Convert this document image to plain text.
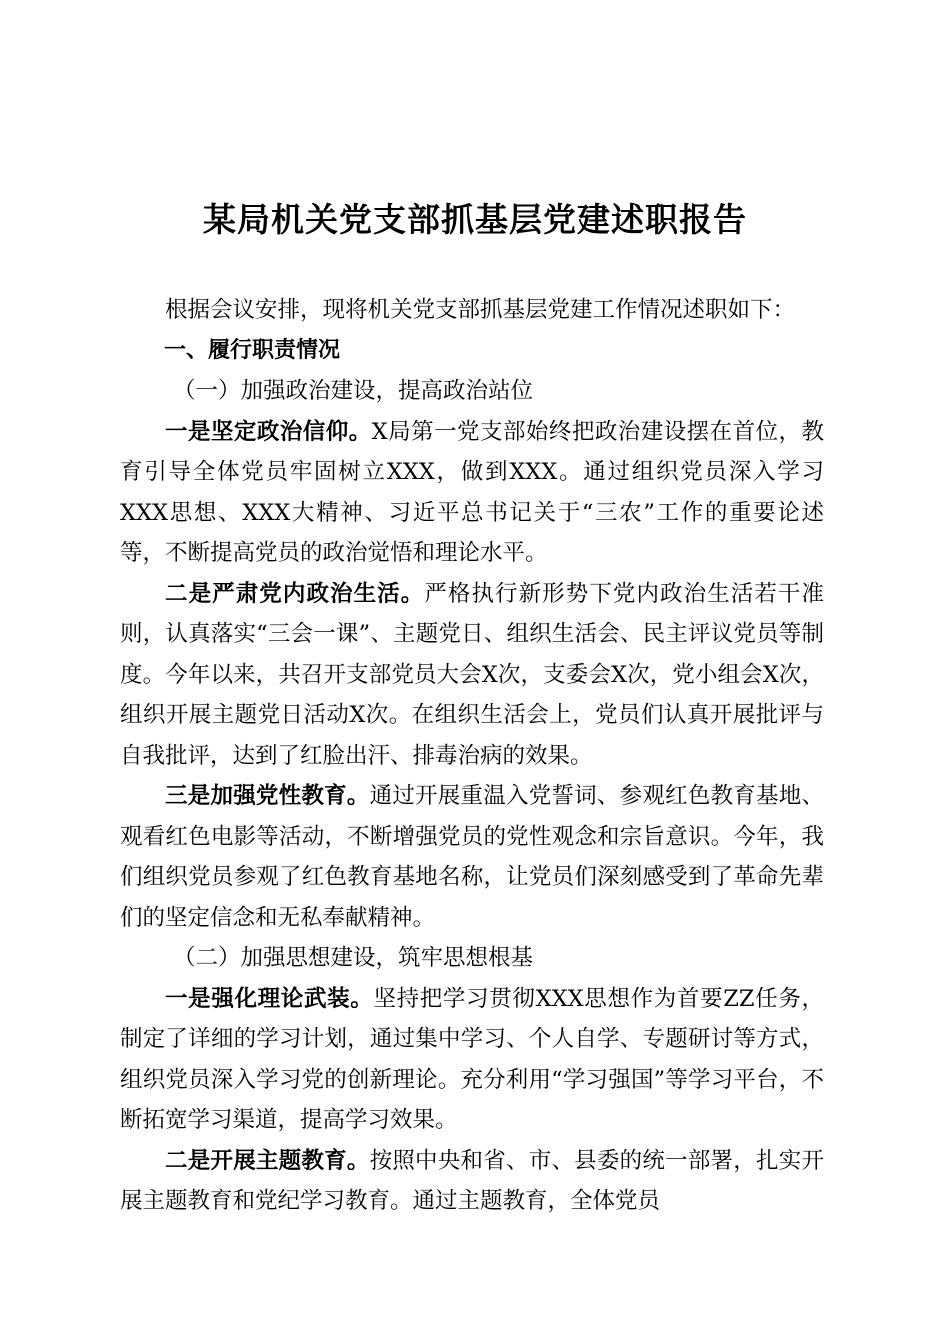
某局机关党支部抓基层党建述职报告

根据会议安排，现将机关党支部抓基层党建工作情况述职如下：

一、履行职责情况

（一）加强政治建设，提高政治站位

一是坚定政治信仰。X局第一党支部始终把政治建设摆在首位，教育引导全体党员牢固树立XXX，做到XXX。通过组织党员深入学习XXX思想、XXX大精神、习近平总书记关于“三农”工作的重要论述等，不断提高党员的政治觉悟和理论水平。

二是严肃党内政治生活。严格执行新形势下党内政治生活若干准则，认真落实“三会一课”、主题党日、组织生活会、民主评议党员等制度。今年以来，共召开支部党员大会X次，支委会X次，党小组会X次，组织开展主题党日活动X次。在组织生活会上，党员们认真开展批评与自我批评，达到了红脸出汗、排毒治病的效果。

三是加强党性教育。通过开展重温入党誓词、参观红色教育基地、观看红色电影等活动，不断增强党员的党性观念和宗旨意识。今年，我们组织党员参观了红色教育基地名称，让党员们深刻感受到了革命先辈们的坚定信念和无私奉献精神。

（二）加强思想建设，筑牢思想根基

一是强化理论武装。坚持把学习贯彻XXX思想作为首要ZZ任务，制定了详细的学习计划，通过集中学习、个人自学、专题研讨等方式，组织党员深入学习党的创新理论。充分利用“学习强国”等学习平台，不断拓宽学习渠道，提高学习效果。

二是开展主题教育。按照中央和省、市、县委的统一部署，扎实开展主题教育和党纪学习教育。通过主题教育，全体党员
